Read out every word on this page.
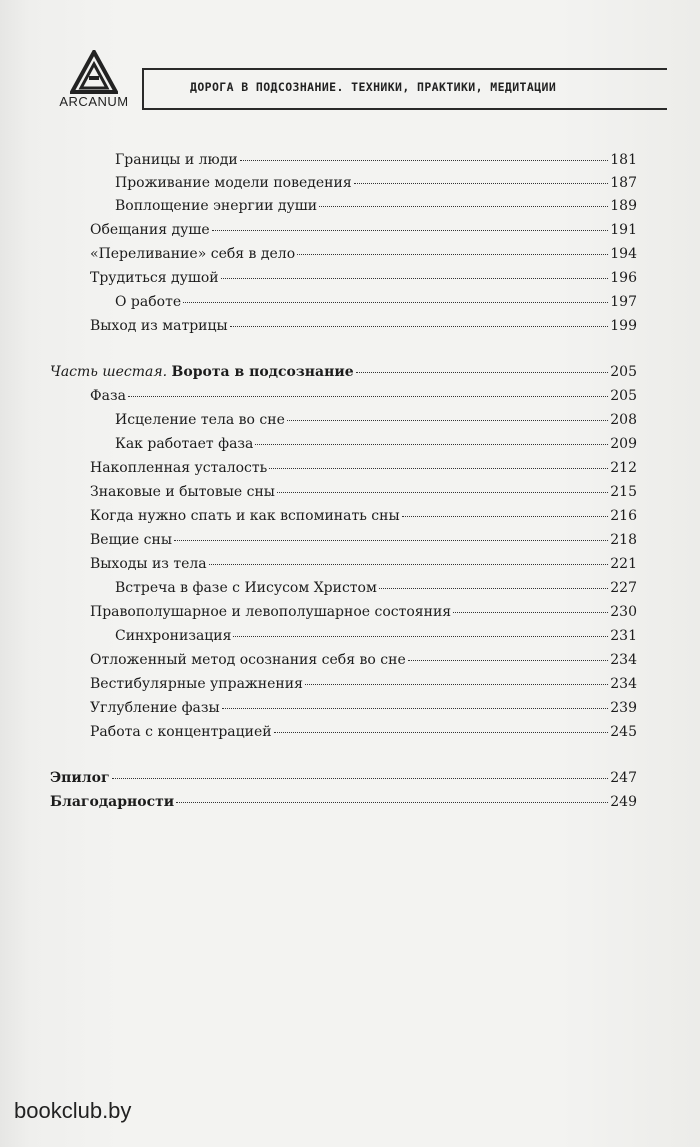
ARCANUM
ДОРОГА В ПОДСОЗНАНИЕ. ТЕХНИКИ, ПРАКТИКИ, МЕДИТАЦИИ
Границы и люди	181
Проживание модели поведения	187
Воплощение энергии души	189
Обещания душе	191
«Переливание» себя в дело	194
Трудиться душой	196
О работе	197
Выход из матрицы	199
Часть шестая. Ворота в подсознание	205
Фаза	205
Исцеление тела во сне	208
Как работает фаза	209
Накопленная усталость	212
Знаковые и бытовые сны	215
Когда нужно спать и как вспоминать сны	216
Вещие сны	218
Выходы из тела	221
Встреча в фазе с Иисусом Христом	227
Правополушарное и левополушарное состояния	230
Синхронизация	231
Отложенный метод осознания себя во сне	234
Вестибулярные упражнения	234
Углубление фазы	239
Работа с концентрацией	245
Эпилог	247
Благодарности	249
bookclub.by
